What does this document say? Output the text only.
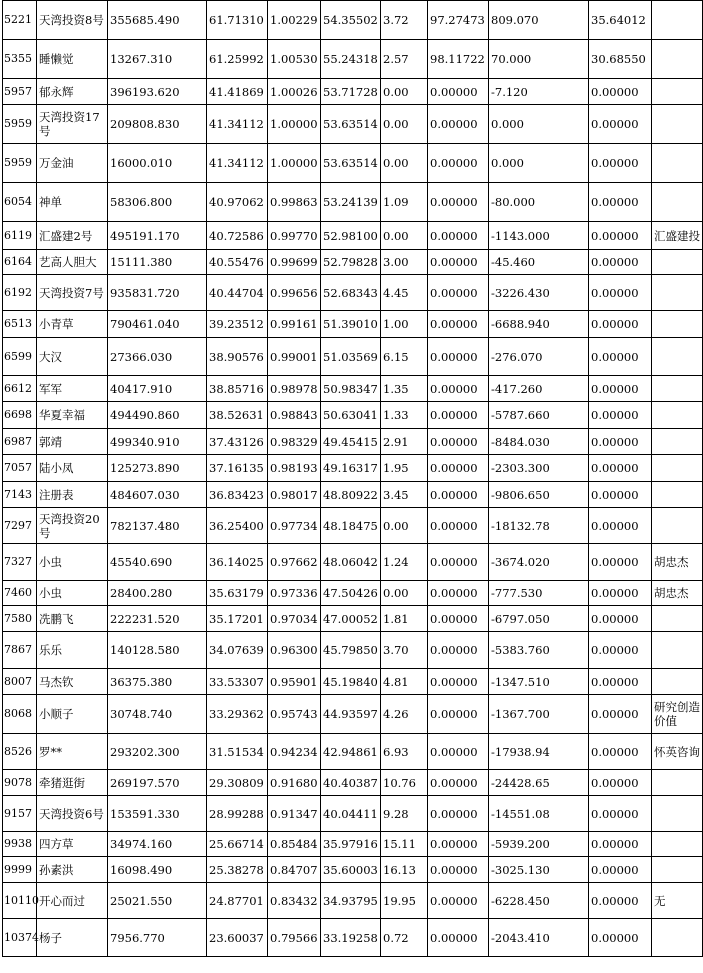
5221	天湾投资8号	355685.490	61.71310	1.00229	54.35502	3.72	97.27473	809.070	35.64012	
5355	睡懒觉	13267.310	61.25992	1.00530	55.24318	2.57	98.11722	70.000	30.68550	
5957	郁永辉	396193.620	41.41869	1.00026	53.71728	0.00	0.00000	-7.120	0.00000	
5959	天湾投资17号	209808.830	41.34112	1.00000	53.63514	0.00	0.00000	0.000	0.00000	
5959	万金油	16000.010	41.34112	1.00000	53.63514	0.00	0.00000	0.000	0.00000	
6054	神单	58306.800	40.97062	0.99863	53.24139	1.09	0.00000	-80.000	0.00000	
6119	汇盛建2号	495191.170	40.72586	0.99770	52.98100	0.00	0.00000	-1143.000	0.00000	汇盛建投
6164	艺高人胆大	15111.380	40.55476	0.99699	52.79828	3.00	0.00000	-45.460	0.00000	
6192	天湾投资7号	935831.720	40.44704	0.99656	52.68343	4.45	0.00000	-3226.430	0.00000	
6513	小青草	790461.040	39.23512	0.99161	51.39010	1.00	0.00000	-6688.940	0.00000	
6599	大汉	27366.030	38.90576	0.99001	51.03569	6.15	0.00000	-276.070	0.00000	
6612	军军	40417.910	38.85716	0.98978	50.98347	1.35	0.00000	-417.260	0.00000	
6698	华夏幸福	494490.860	38.52631	0.98843	50.63041	1.33	0.00000	-5787.660	0.00000	
6987	郭靖	499340.910	37.43126	0.98329	49.45415	2.91	0.00000	-8484.030	0.00000	
7057	陆小凤	125273.890	37.16135	0.98193	49.16317	1.95	0.00000	-2303.300	0.00000	
7143	注册表	484607.030	36.83423	0.98017	48.80922	3.45	0.00000	-9806.650	0.00000	
7297	天湾投资20号	782137.480	36.25400	0.97734	48.18475	0.00	0.00000	-18132.78	0.00000	
7327	小虫	45540.690	36.14025	0.97662	48.06042	1.24	0.00000	-3674.020	0.00000	胡忠杰
7460	小虫	28400.280	35.63179	0.97336	47.50426	0.00	0.00000	-777.530	0.00000	胡忠杰
7580	冼鹏飞	222231.520	35.17201	0.97034	47.00052	1.81	0.00000	-6797.050	0.00000	
7867	乐乐	140128.580	34.07639	0.96300	45.79850	3.70	0.00000	-5383.760	0.00000	
8007	马杰钦	36375.380	33.53307	0.95901	45.19840	4.81	0.00000	-1347.510	0.00000	
8068	小顺子	30748.740	33.29362	0.95743	44.93597	4.26	0.00000	-1367.700	0.00000	研究创造价值
8526	罗**	293202.300	31.51534	0.94234	42.94861	6.93	0.00000	-17938.94	0.00000	怀英咨询
9078	牵猪逛街	269197.570	29.30809	0.91680	40.40387	10.76	0.00000	-24428.65	0.00000	
9157	天湾投资6号	153591.330	28.99288	0.91347	40.04411	9.28	0.00000	-14551.08	0.00000	
9938	四方草	34974.160	25.66714	0.85484	35.97916	15.11	0.00000	-5939.200	0.00000	
9999	孙素洪	16098.490	25.38278	0.84707	35.60003	16.13	0.00000	-3025.130	0.00000	
10110	开心而过	25021.550	24.87701	0.83432	34.93795	19.95	0.00000	-6228.450	0.00000	无
10374	杨子	7956.770	23.60037	0.79566	33.19258	0.72	0.00000	-2043.410	0.00000	
